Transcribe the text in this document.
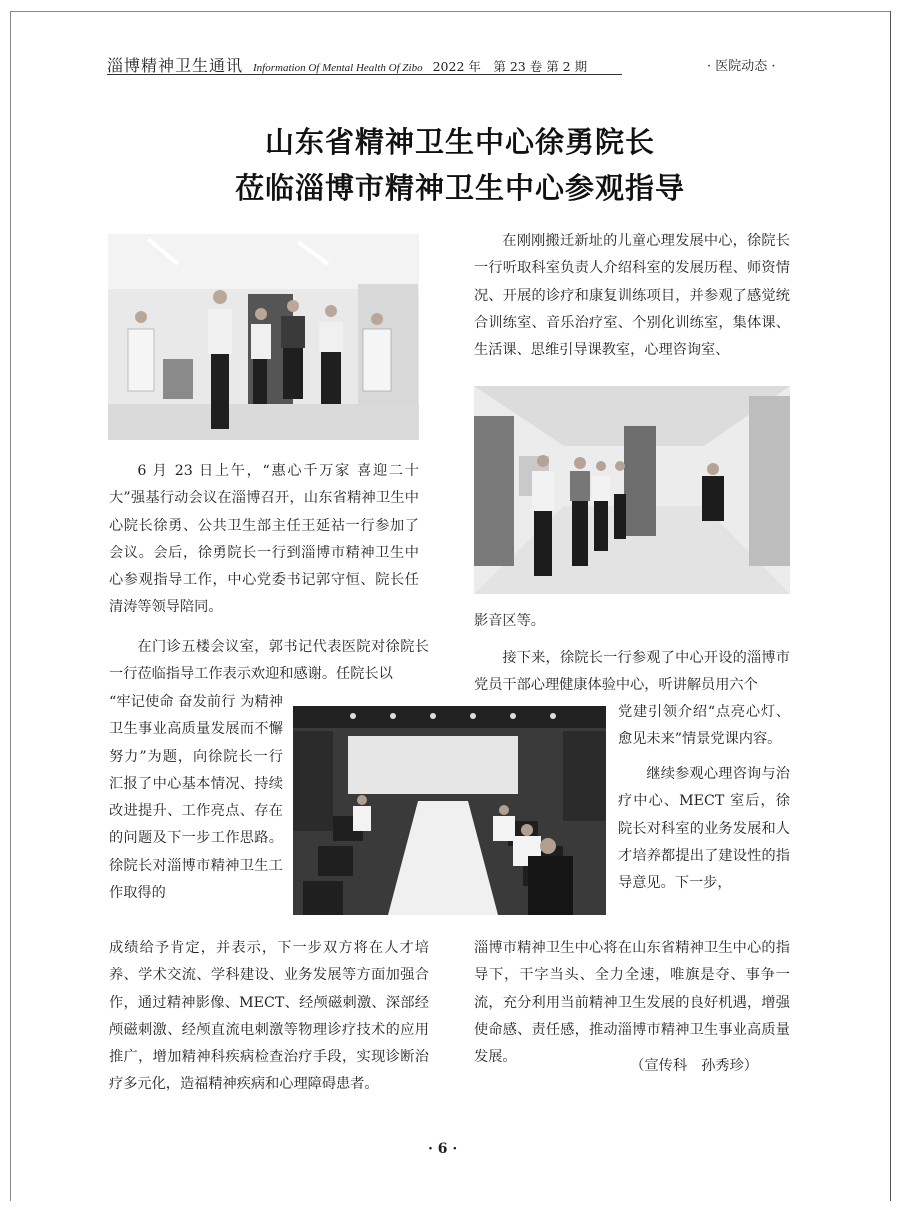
淄博精神卫生通讯 Information Of Mental Health Of Zibo 2022 年　第 23 卷 第 2 期	· 医院动态 ·
山东省精神卫生中心徐勇院长
莅临淄博市精神卫生中心参观指导

6 月 23 日上午，“惠心千万家 喜迎二十大”强基行动会议在淄博召开，山东省精神卫生中心院长徐勇、公共卫生部主任王延祜一行参加了会议。会后，徐勇院长一行到淄博市精神卫生中心参观指导工作，中心党委书记郭守恒、院长任清涛等领导陪同。

在门诊五楼会议室，郭书记代表医院对徐院长一行莅临指导工作表示欢迎和感谢。任院长以

“牢记使命 奋发前行 为精神卫生事业高质量发展而不懈努力”为题，向徐院长一行汇报了中心基本情况、持续改进提升、工作亮点、存在的问题及下一步工作思路。徐院长对淄博市精神卫生工作取得的

成绩给予肯定，并表示，下一步双方将在人才培养、学术交流、学科建设、业务发展等方面加强合作，通过精神影像、MECT、经颅磁刺激、深部经颅磁刺激、经颅直流电刺激等物理诊疗技术的应用推广，增加精神科疾病检查治疗手段，实现诊断治疗多元化，造福精神疾病和心理障碍患者。

在刚刚搬迁新址的儿童心理发展中心，徐院长一行听取科室负责人介绍科室的发展历程、师资情况、开展的诊疗和康复训练项目，并参观了感觉统合训练室、音乐治疗室、个别化训练室，集体课、生活课、思维引导课教室，心理咨询室、

影音区等。

接下来，徐院长一行参观了中心开设的淄博市党员干部心理健康体验中心，听讲解员用六个

党建引领介绍“点亮心灯、愈见未来”情景党课内容。

继续参观心理咨询与治疗中心、MECT 室后，徐院长对科室的业务发展和人才培养都提出了建设性的指导意见。下一步，

淄博市精神卫生中心将在山东省精神卫生中心的指导下，干字当头、全力全速，唯旗是夺、事争一流，充分利用当前精神卫生发展的良好机遇，增强使命感、责任感，推动淄博市精神卫生事业高质量发展。

（宣传科　孙秀珍）
· 6 ·
